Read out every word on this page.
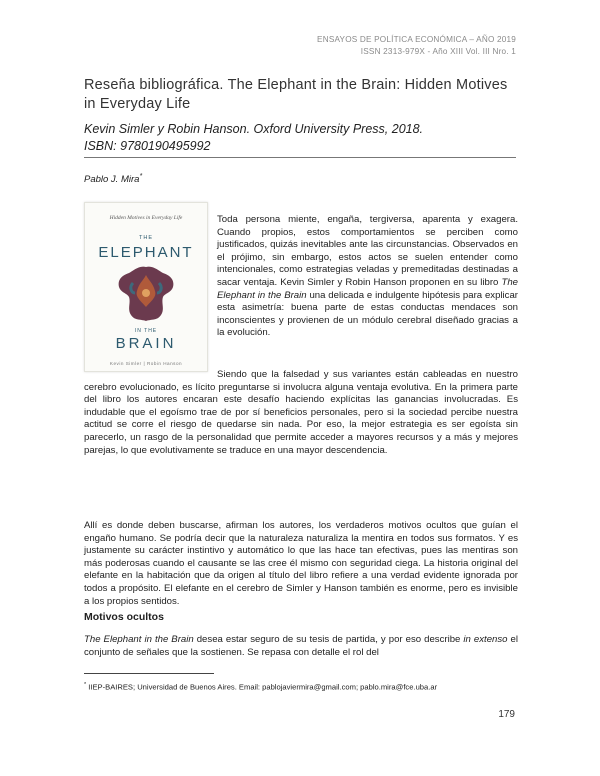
ENSAYOS DE POLÍTICA ECONÓMICA – AÑO 2019
ISSN 2313-979X - Año XIII Vol. III Nro. 1
Reseña bibliográfica. The Elephant in the Brain: Hidden Motives in Everyday Life
Kevin Simler y Robin Hanson. Oxford University Press, 2018.
ISBN: 9780190495992
Pablo J. Mira*
Hidden Motives in Everyday Life
THE
ELEPHANT
IN THE
BRAIN
Kevin Simler | Robin Hanson
Toda persona miente, engaña, tergiversa, aparenta y exagera. Cuando propios, estos comportamientos se perciben como justificados, quizás inevitables ante las circunstancias. Observados en el prójimo, sin embargo, estos actos se suelen entender como intencionales, como estrategias veladas y premeditadas destinadas a sacar ventaja. Kevin Simler y Robin Hanson proponen en su libro The Elephant in the Brain una delicada e indulgente hipótesis para explicar esta asimetría: buena parte de estas conductas mendaces son inconscientes y provienen de un módulo cerebral diseñado gracias a la evolución.
Siendo que la falsedad y sus variantes están cableadas en nuestro cerebro evolucionado, es lícito preguntarse si involucra alguna ventaja evolutiva. En la primera parte del libro los autores encaran este desafío haciendo explícitas las ganancias involucradas. Es indudable que el egoísmo trae de por sí beneficios personales, pero si la sociedad percibe nuestra actitud se corre el riesgo de quedarse sin nada. Por eso, la mejor estrategia es ser egoísta sin parecerlo, un rasgo de la personalidad que permite acceder a mayores recursos y a más y mejores parejas, lo que evolutivamente se traduce en una mayor descendencia.
Allí es donde deben buscarse, afirman los autores, los verdaderos motivos ocultos que guían el engaño humano. Se podría decir que la naturaleza naturaliza la mentira en todos sus formatos. Y es justamente su carácter instintivo y automático lo que las hace tan efectivas, pues las mentiras son más poderosas cuando el causante se las cree él mismo con seguridad ciega. La historia original del elefante en la habitación que da origen al título del libro refiere a una verdad evidente ignorada por todos a propósito. El elefante en el cerebro de Simler y Hanson también es enorme, pero es invisible a los propios sentidos.
Motivos ocultos
The Elephant in the Brain desea estar seguro de su tesis de partida, y por eso describe in extenso el conjunto de señales que la sostienen. Se repasa con detalle el rol del
* IIEP-BAIRES; Universidad de Buenos Aires. Email: pablojaviermira@gmail.com; pablo.mira@fce.uba.ar
179
